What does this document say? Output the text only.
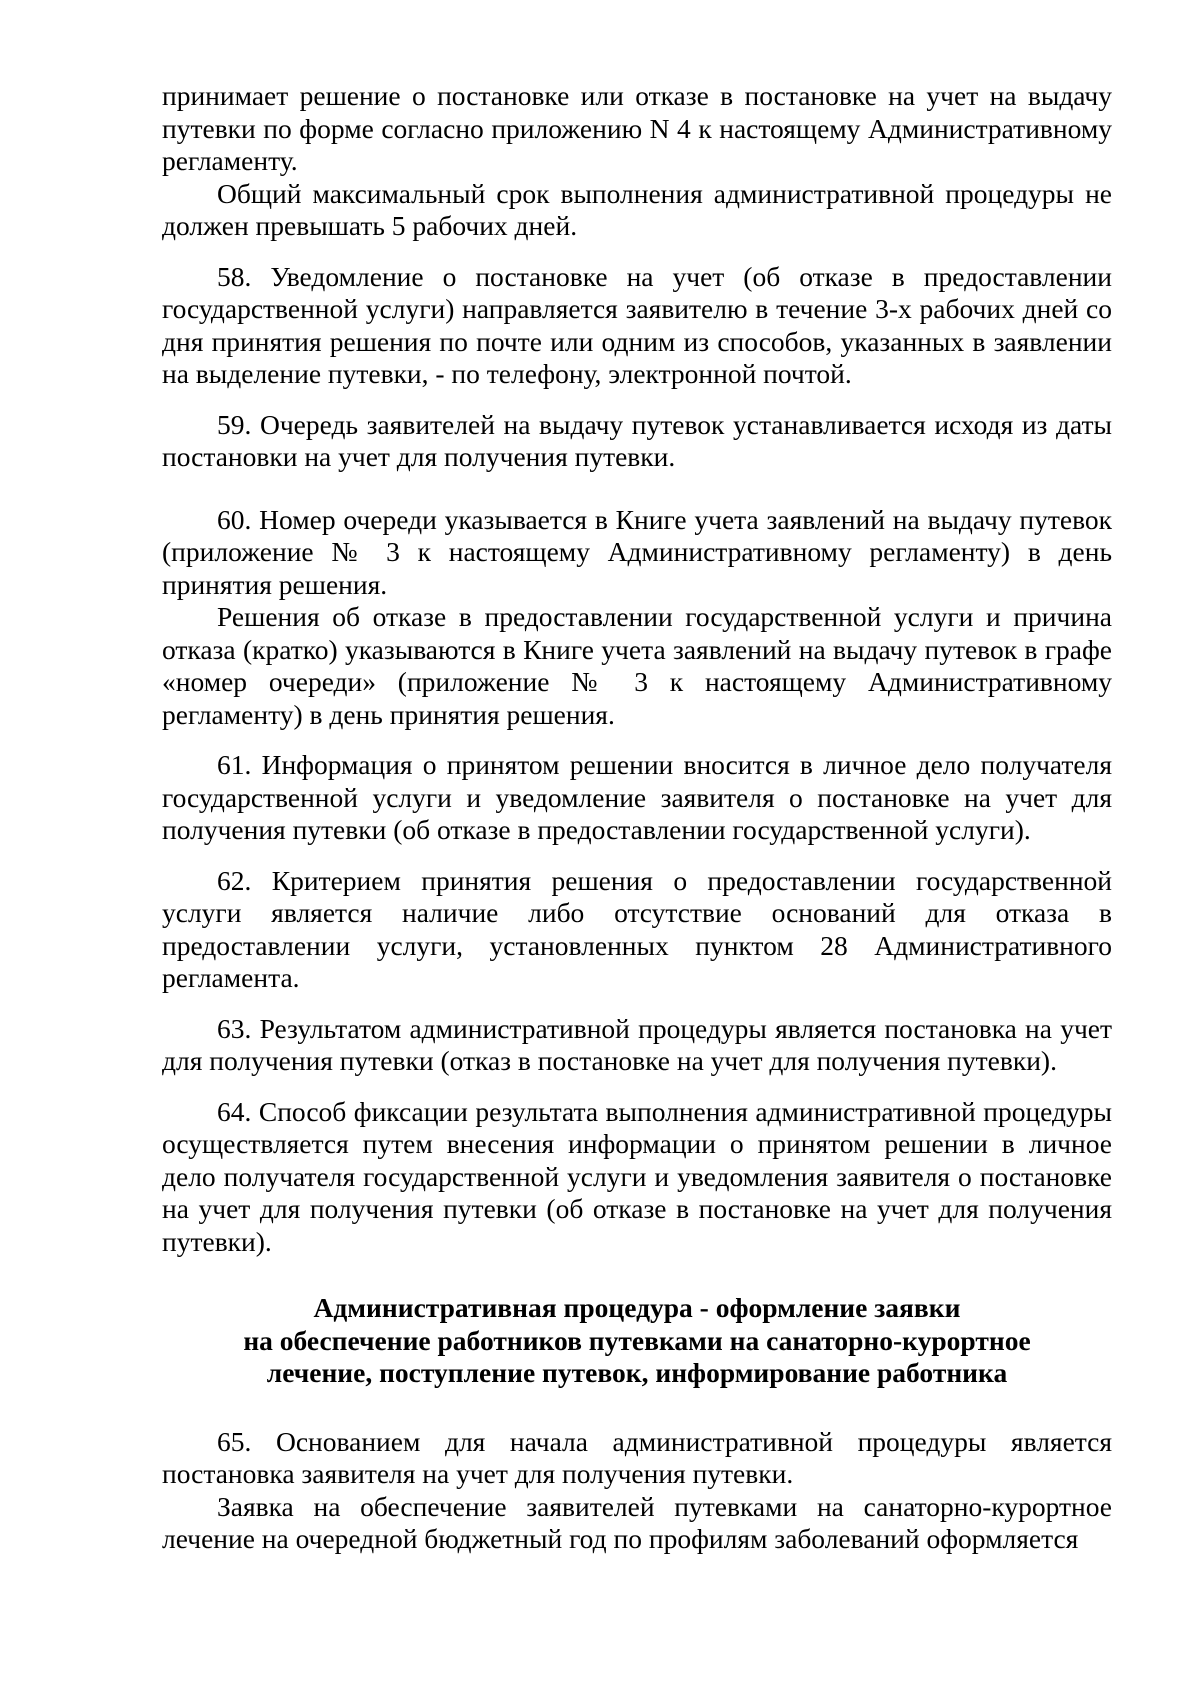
принимает решение о постановке или отказе в постановке на учет на выдачу путевки по форме согласно приложению N 4 к настоящему Административному регламенту.

Общий максимальный срок выполнения административной процедуры не должен превышать 5 рабочих дней.

58. Уведомление о постановке на учет (об отказе в предоставлении государственной услуги) направляется заявителю в течение 3-х рабочих дней со дня принятия решения по почте или одним из способов, указанных в заявлении на выделение путевки, - по телефону, электронной почтой.

59. Очередь заявителей на выдачу путевок устанавливается исходя из даты постановки на учет для получения путевки.

60. Номер очереди указывается в Книге учета заявлений на выдачу путевок (приложение № 3 к настоящему Административному регламенту) в день принятия решения.

Решения об отказе в предоставлении государственной услуги и причина отказа (кратко) указываются в Книге учета заявлений на выдачу путевок в графе «номер очереди» (приложение № 3 к настоящему Административному регламенту) в день принятия решения.

61. Информация о принятом решении вносится в личное дело получателя государственной услуги и уведомление заявителя о постановке на учет для получения путевки (об отказе в предоставлении государственной услуги).

62. Критерием принятия решения о предоставлении государственной услуги является наличие либо отсутствие оснований для отказа в предоставлении услуги, установленных пунктом 28 Административного регламента.

63. Результатом административной процедуры является постановка на учет для получения путевки (отказ в постановке на учет для получения путевки).

64. Способ фиксации результата выполнения административной процедуры осуществляется путем внесения информации о принятом решении в личное дело получателя государственной услуги и уведомления заявителя о постановке на учет для получения путевки (об отказе в постановке на учет для получения путевки).

Административная процедура - оформление заявки
на обеспечение работников путевками на санаторно-курортное
лечение, поступление путевок, информирование работника

65. Основанием для начала административной процедуры является постановка заявителя на учет для получения путевки.

Заявка на обеспечение заявителей путевками на санаторно-курортное лечение на очередной бюджетный год по профилям заболеваний оформляется
